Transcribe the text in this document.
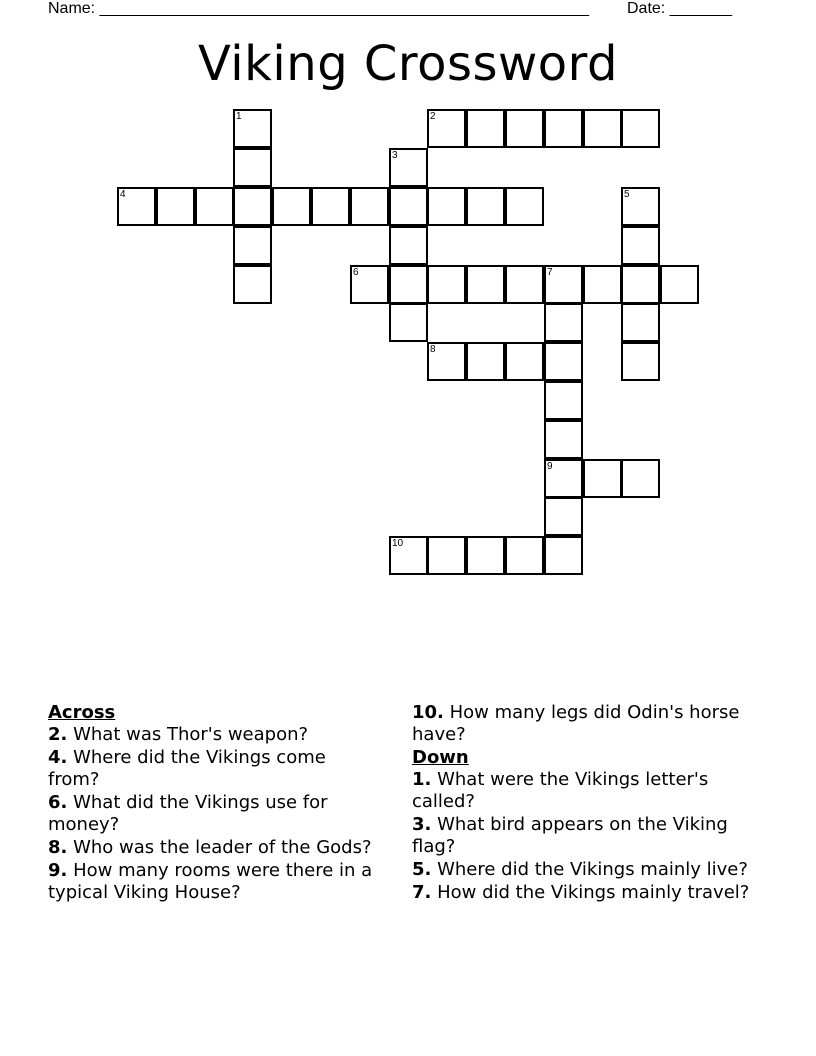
Name: _______________________________________________________ Date: _______
Viking Crossword
1	2
3
4	5
6	7
8
9
10

Across

2. What was Thor's weapon?

4. Where did the Vikings come from?

6. What did the Vikings use for money?

8. Who was the leader of the Gods?

9. How many rooms were there in a typical Viking House?

10. How many legs did Odin's horse have?

Down

1. What were the Vikings letter's called?

3. What bird appears on the Viking flag?

5. Where did the Vikings mainly live?

7. How did the Vikings mainly travel?
